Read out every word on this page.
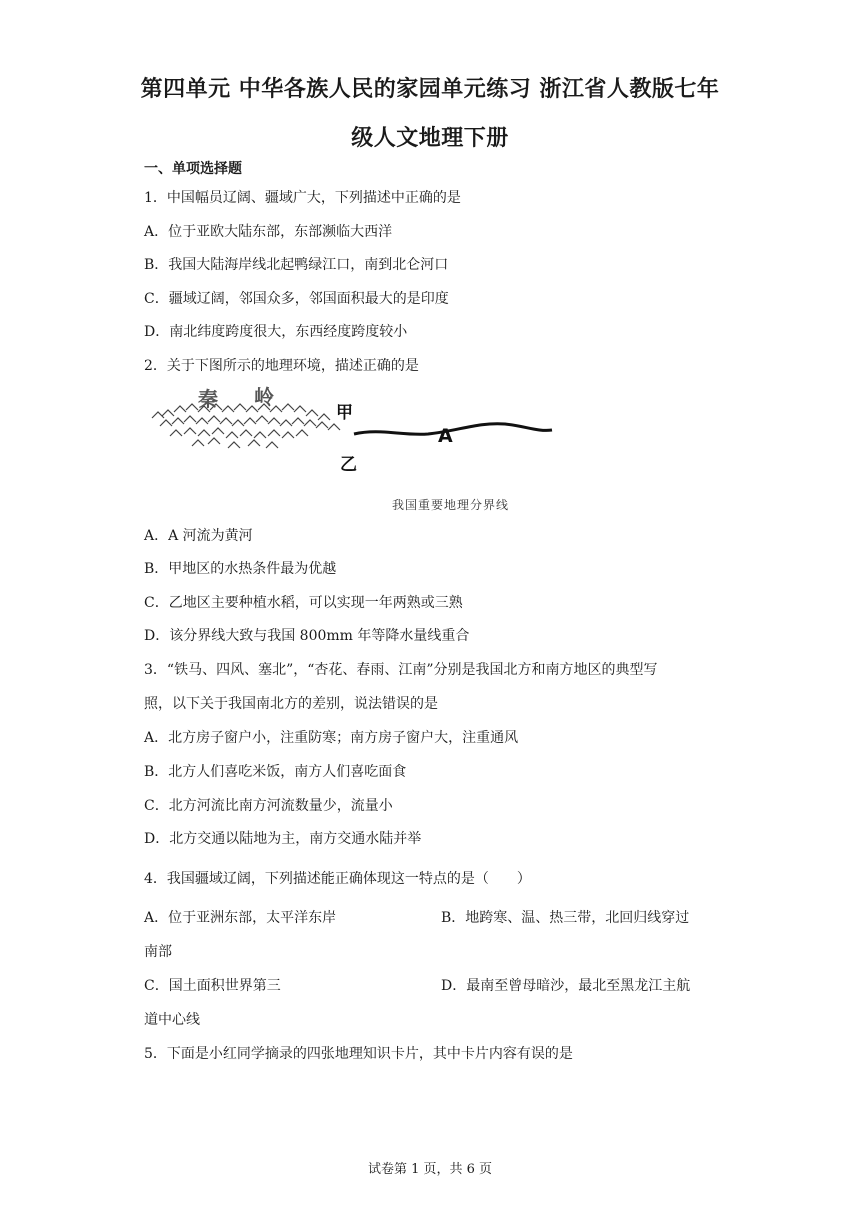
第四单元 中华各族人民的家园单元练习 浙江省人教版七年
级人文地理下册
一、单项选择题
1．中国幅员辽阔、疆域广大，下列描述中正确的是
A．位于亚欧大陆东部，东部濒临大西洋
B．我国大陆海岸线北起鸭绿江口，南到北仑河口
C．疆域辽阔，邻国众多，邻国面积最大的是印度
D．南北纬度跨度很大，东西经度跨度较小
2．关于下图所示的地理环境，描述正确的是
秦 岭
甲
乙
A
我国重要地理分界线
A．A 河流为黄河
B．甲地区的水热条件最为优越
C．乙地区主要种植水稻，可以实现一年两熟或三熟
D．该分界线大致与我国 800mm 年等降水量线重合
3．“铁马、四风、塞北”，“杏花、春雨、江南”分别是我国北方和南方地区的典型写
照，以下关于我国南北方的差别，说法错误的是
A．北方房子窗户小，注重防寒；南方房子窗户大，注重通风
B．北方人们喜吃米饭，南方人们喜吃面食
C．北方河流比南方河流数量少，流量小
D．北方交通以陆地为主，南方交通水陆并举
4．我国疆域辽阔，下列描述能正确体现这一特点的是（　　）
A．位于亚洲东部，太平洋东岸	B．地跨寒、温、热三带，北回归线穿过
南部
C．国土面积世界第三	D．最南至曾母暗沙，最北至黑龙江主航
道中心线
5．下面是小红同学摘录的四张地理知识卡片，其中卡片内容有误的是
试卷第 1 页，共 6 页
